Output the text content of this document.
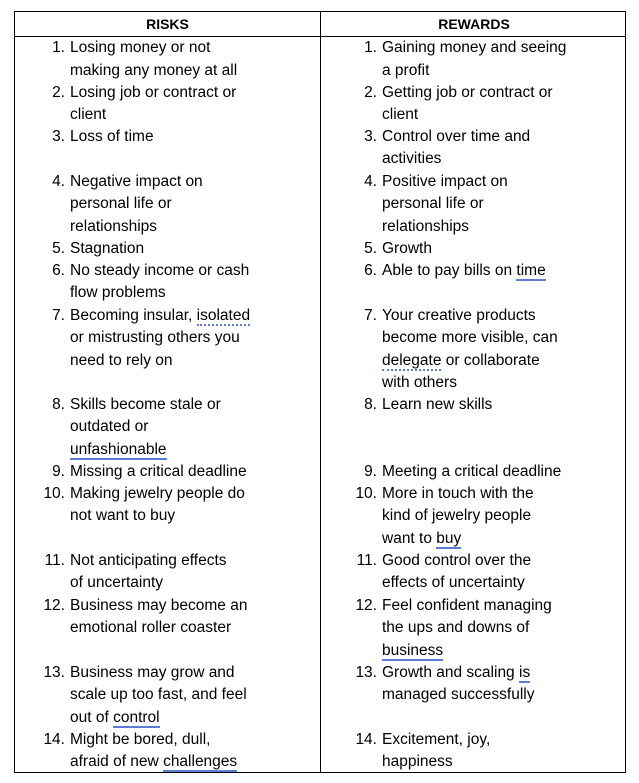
RISKS	REWARDS
1. Losing money or not
making any money at all
2. Losing job or contract or
client
3. Loss of time
4. Negative impact on
personal life or
relationships
5. Stagnation
6. No steady income or cash
flow problems
7. Becoming insular, isolated
or mistrusting others you
need to rely on
8. Skills become stale or
outdated or
unfashionable
9. Missing a critical deadline
10. Making jewelry people do
not want to buy
11. Not anticipating effects
of uncertainty
12. Business may become an
emotional roller coaster
13. Business may grow and
scale up too fast, and feel
out of control
14. Might be bored, dull,
afraid of new challenges
1. Gaining money and seeing
a profit
2. Getting job or contract or
client
3. Control over time and
activities
4. Positive impact on
personal life or
relationships
5. Growth
6. Able to pay bills on time
7. Your creative products
become more visible, can
delegate or collaborate
with others
8. Learn new skills
9. Meeting a critical deadline
10. More in touch with the
kind of jewelry people
want to buy
11. Good control over the
effects of uncertainty
12. Feel confident managing
the ups and downs of
business
13. Growth and scaling is
managed successfully
14. Excitement, joy,
happiness
